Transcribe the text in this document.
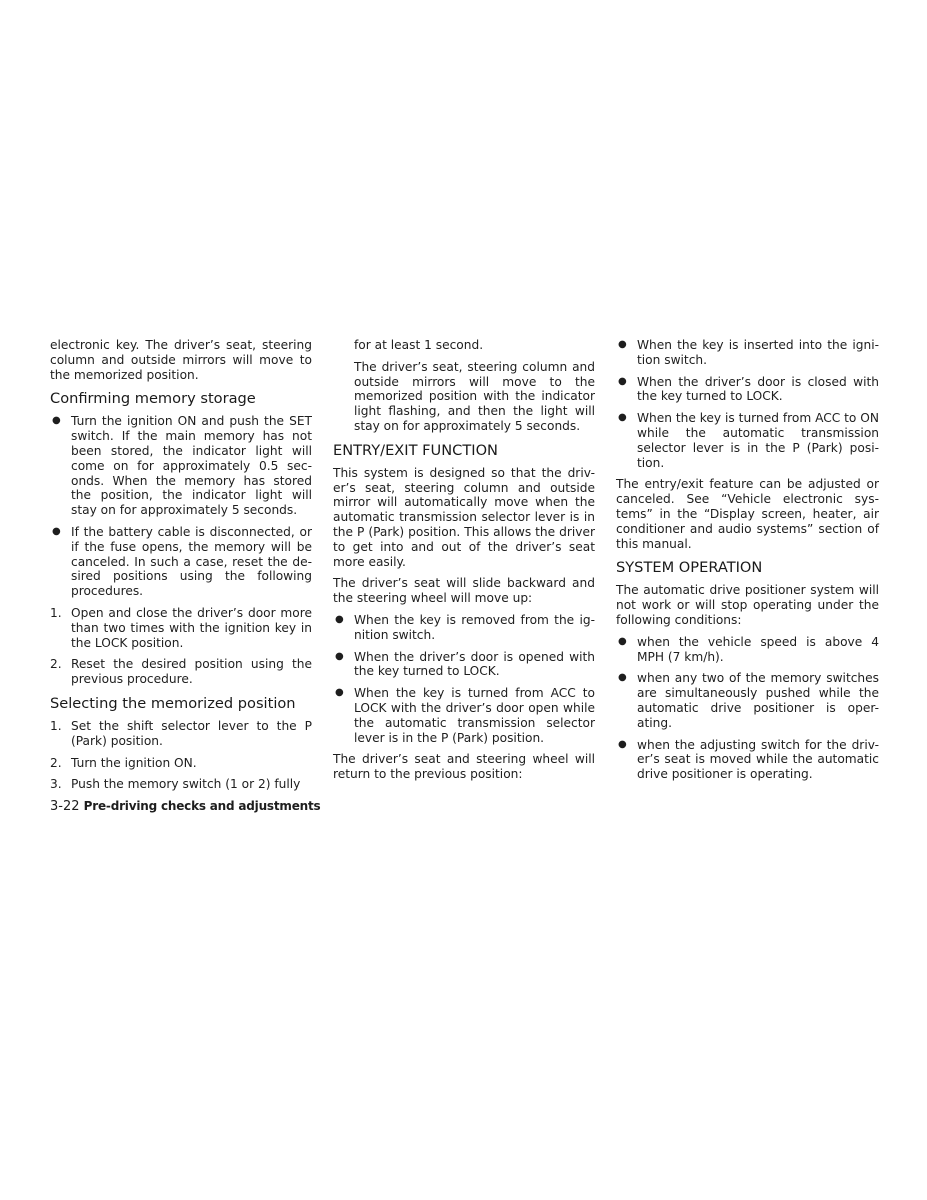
electronic key. The driver’s seat, steering column and outside mirrors will move to the memorized position.

Confirming memory storage
● Turn the ignition ON and push the SET switch. If the main memory has not been stored, the indicator light will come on for approximately 0.5 sec- onds. When the memory has stored the position, the indicator light will stay on for approximately 5 seconds.
● If the battery cable is disconnected, or if the fuse opens, the memory will be canceled. In such a case, reset the de- sired positions using the following procedures.
1. Open and close the driver’s door more than two times with the ignition key in the LOCK position.
2. Reset the desired position using the previous procedure.
Selecting the memorized position
1. Set the shift selector lever to the P (Park) position.
2. Turn the ignition ON.
3. Push the memory switch (1 or 2) fully

for at least 1 second.

The driver’s seat, steering column and outside mirrors will move to the memorized position with the indicator light flashing, and then the light will stay on for approximately 5 seconds.

ENTRY/EXIT FUNCTION

This system is designed so that the driv- er’s seat, steering column and outside mirror will automatically move when the automatic transmission selector lever is in the P (Park) position. This allows the driver to get into and out of the driver’s seat more easily.

The driver’s seat will slide backward and the steering wheel will move up:

● When the key is removed from the ig- nition switch.
● When the driver’s door is opened with the key turned to LOCK.
● When the key is turned from ACC to LOCK with the driver’s door open while the automatic transmission selector lever is in the P (Park) position.

The driver’s seat and steering wheel will return to the previous position:

● When the key is inserted into the igni- tion switch.
● When the driver’s door is closed with the key turned to LOCK.
● When the key is turned from ACC to ON while the automatic transmission selector lever is in the P (Park) posi- tion.

The entry/exit feature can be adjusted or canceled. See “Vehicle electronic sys- tems” in the “Display screen, heater, air conditioner and audio systems” section of this manual.

SYSTEM OPERATION

The automatic drive positioner system will not work or will stop operating under the following conditions:

● when the vehicle speed is above 4 MPH (7 km/h).
● when any two of the memory switches are simultaneously pushed while the automatic drive positioner is oper- ating.
● when the adjusting switch for the driv- er’s seat is moved while the automatic drive positioner is operating.
3-22 Pre-driving checks and adjustments
